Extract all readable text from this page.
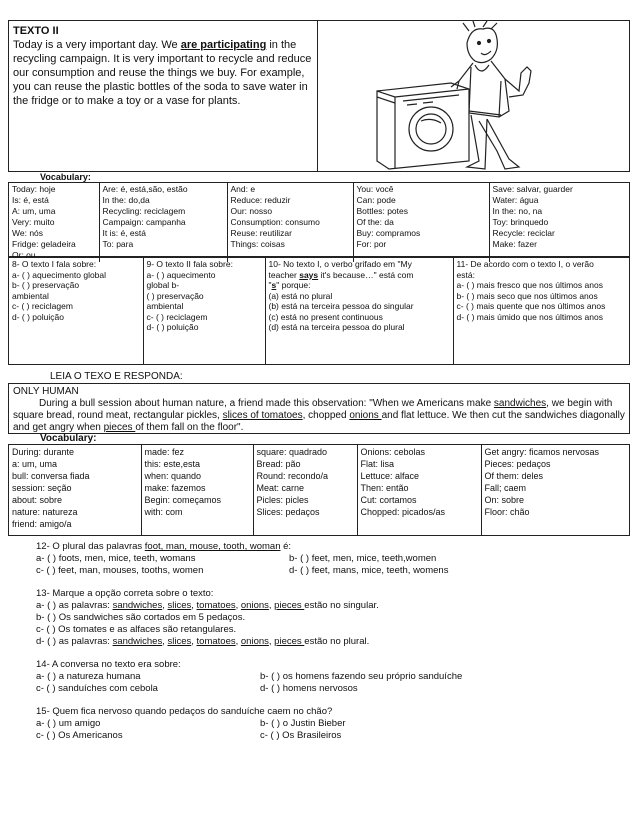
TEXTO II
Today is a very important day. We are participating in the recycling campaign. It is very important to recycle and reduce our consumption and reuse the things we buy. For example, you can reuse the plastic bottles of the soda to save water in the fridge or to make a toy or a vase for plants.
Vocabulary:
Today: hoje
Is: é, está
A: um, uma
Very: muito
We: nós
Fridge: geladeira
Or: ou

Are: é, está,são, estão
In the: do,da
Recycling: reciclagem
Campaign: campanha
It is: é, está
To: para

And: e
Reduce: reduzir
Our: nosso
Consumption: consumo
Reuse: reutilizar
Things: coisas

You: você
Can: pode
Bottles: potes
Of the: da
Buy: compramos
For: por

Save: salvar, guarder
Water: água
In the: no, na
Toy: brinquedo
Recycle: reciclar
Make: fazer
8- O texto I fala sobre:
a- ( ) aquecimento global
b- ( ) preservação
ambiental
c- ( ) reciclagem
d- ( ) poluição

9- O texto II fala sobre:
a- ( ) aquecimento
global b-
( ) preservação
ambiental
c- ( ) reciclagem
d- ( ) poluição

10- No texto I, o verbo grifado em "My
teacher says it's because…" está com
"s" porque:
(a) está no plural
(b) está na terceira pessoa do singular
(c) está no present continuous
(d) está na terceira pessoa do plural

11- De acordo com o texto I, o verão
está:
a- ( ) mais fresco que nos últimos anos
b- ( ) mais seco que nos últimos anos
c- ( ) mais quente que nos últimos anos
d- ( ) mais úmido que nos últimos anos
LEIA O TEXO E RESPONDA:
ONLY HUMAN
During a bull session about human nature, a friend made this observation: "When we Americans make sandwiches, we begin with square bread, round meat, rectangular pickles, slices of tomatoes, chopped onions and flat lettuce. We then cut the sandwiches diagonally and get angry when pieces of them fall on the floor".
Vocabulary:
During: durante
a: um, uma
bull: conversa fiada
session: seção
about: sobre
nature: natureza
friend: amigo/a

made: fez
this: este,esta
when: quando
make: fazemos
Begin: começamos
with: com

square: quadrado
Bread: pão
Round: recondo/a
Meat: carne
Picles: picles
Slices: pedaços

Onions: cebolas
Flat: lisa
Lettuce: alface
Then: então
Cut: cortamos
Chopped: picados/as

Get angry: ficamos nervosas
Pieces: pedaços
Of them: deles
Fall; caem
On: sobre
Floor: chão
12- O plural das palavras foot, man, mouse, tooth, woman é:
a- ( ) foots, men, mice, teeth, womans	b- ( ) feet, men, mice, teeth,women
c- ( ) feet, man, mouses, tooths, women	d- ( ) feet, mans, mice, teeth, womens
13- Marque a opção correta sobre o texto:
a- ( ) as palavras: sandwiches, slices, tomatoes, onions, pieces estão no singular.
b- ( ) Os sandwiches são cortados em 5 pedaços.
c- ( ) Os tomates e as alfaces são retangulares.
d- ( ) as palavras: sandwiches, slices, tomatoes, onions, pieces estão no plural.
14- A conversa no texto era sobre:
a- ( ) a natureza humana	b- ( ) os homens fazendo seu próprio sanduíche
c- ( ) sanduíches com cebola	d- ( ) homens nervosos
15- Quem fica nervoso quando pedaços do sanduíche caem no chão?
a- ( ) um amigo	b- ( ) o Justin Bieber
c- ( ) Os Americanos	c- ( ) Os Brasileiros
